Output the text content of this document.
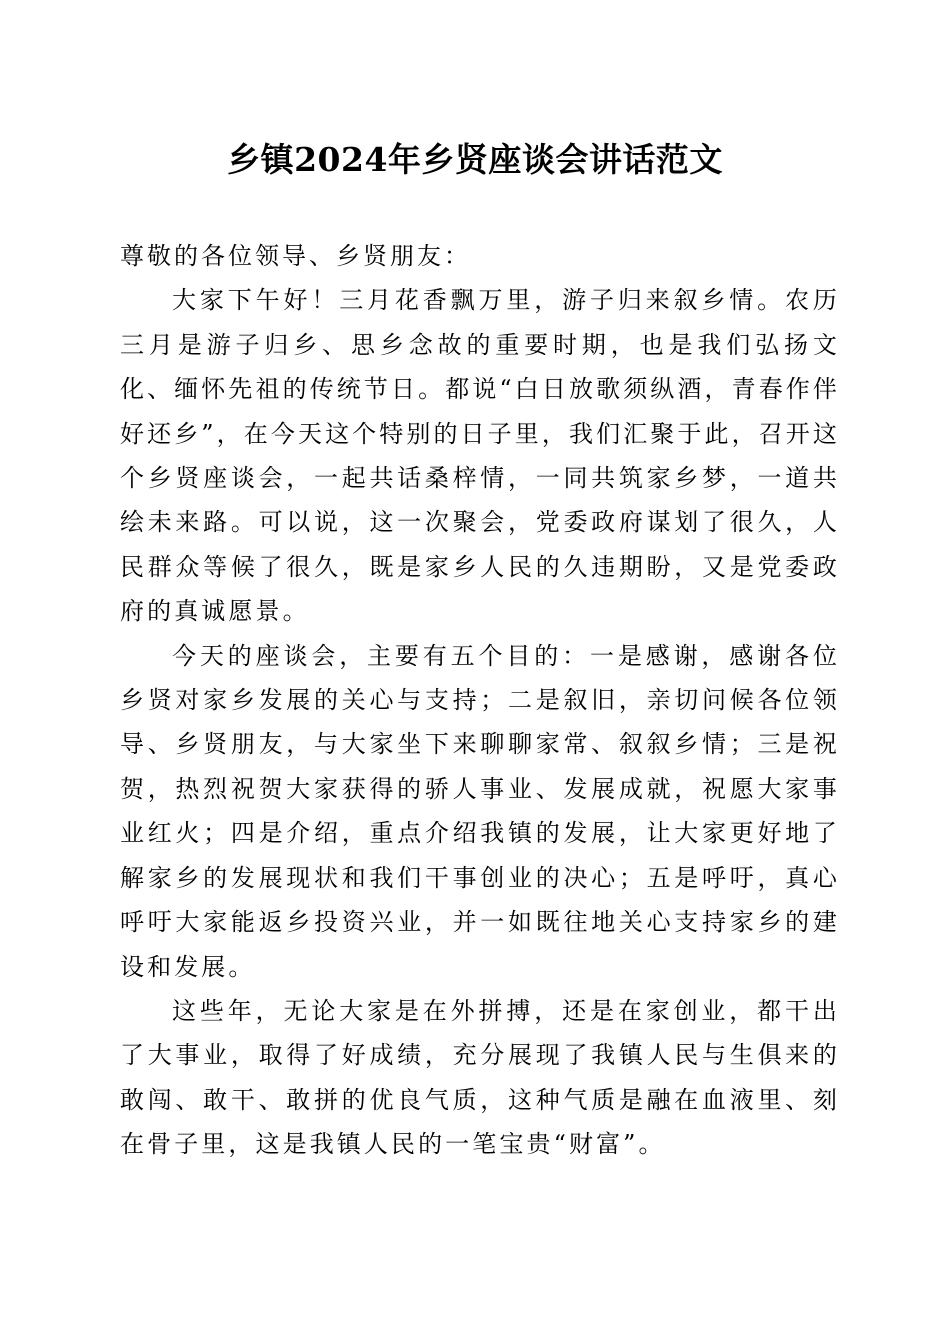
乡镇2024年乡贤座谈会讲话范文

尊敬的各位领导、乡贤朋友：

大家下午好！三月花香飘万里，游子归来叙乡情。农历三月是游子归乡、思乡念故的重要时期，也是我们弘扬文化、缅怀先祖的传统节日。都说“白日放歌须纵酒，青春作伴好还乡”，在今天这个特别的日子里，我们汇聚于此，召开这个乡贤座谈会，一起共话桑梓情，一同共筑家乡梦，一道共绘未来路。可以说，这一次聚会，党委政府谋划了很久，人民群众等候了很久，既是家乡人民的久违期盼，又是党委政府的真诚愿景。

今天的座谈会，主要有五个目的：一是感谢，感谢各位乡贤对家乡发展的关心与支持；二是叙旧，亲切问候各位领导、乡贤朋友，与大家坐下来聊聊家常、叙叙乡情；三是祝贺，热烈祝贺大家获得的骄人事业、发展成就，祝愿大家事业红火；四是介绍，重点介绍我镇的发展，让大家更好地了解家乡的发展现状和我们干事创业的决心；五是呼吁，真心呼吁大家能返乡投资兴业，并一如既往地关心支持家乡的建设和发展。

这些年，无论大家是在外拼搏，还是在家创业，都干出了大事业，取得了好成绩，充分展现了我镇人民与生俱来的敢闯、敢干、敢拼的优良气质，这种气质是融在血液里、刻在骨子里，这是我镇人民的一笔宝贵“财富”。
